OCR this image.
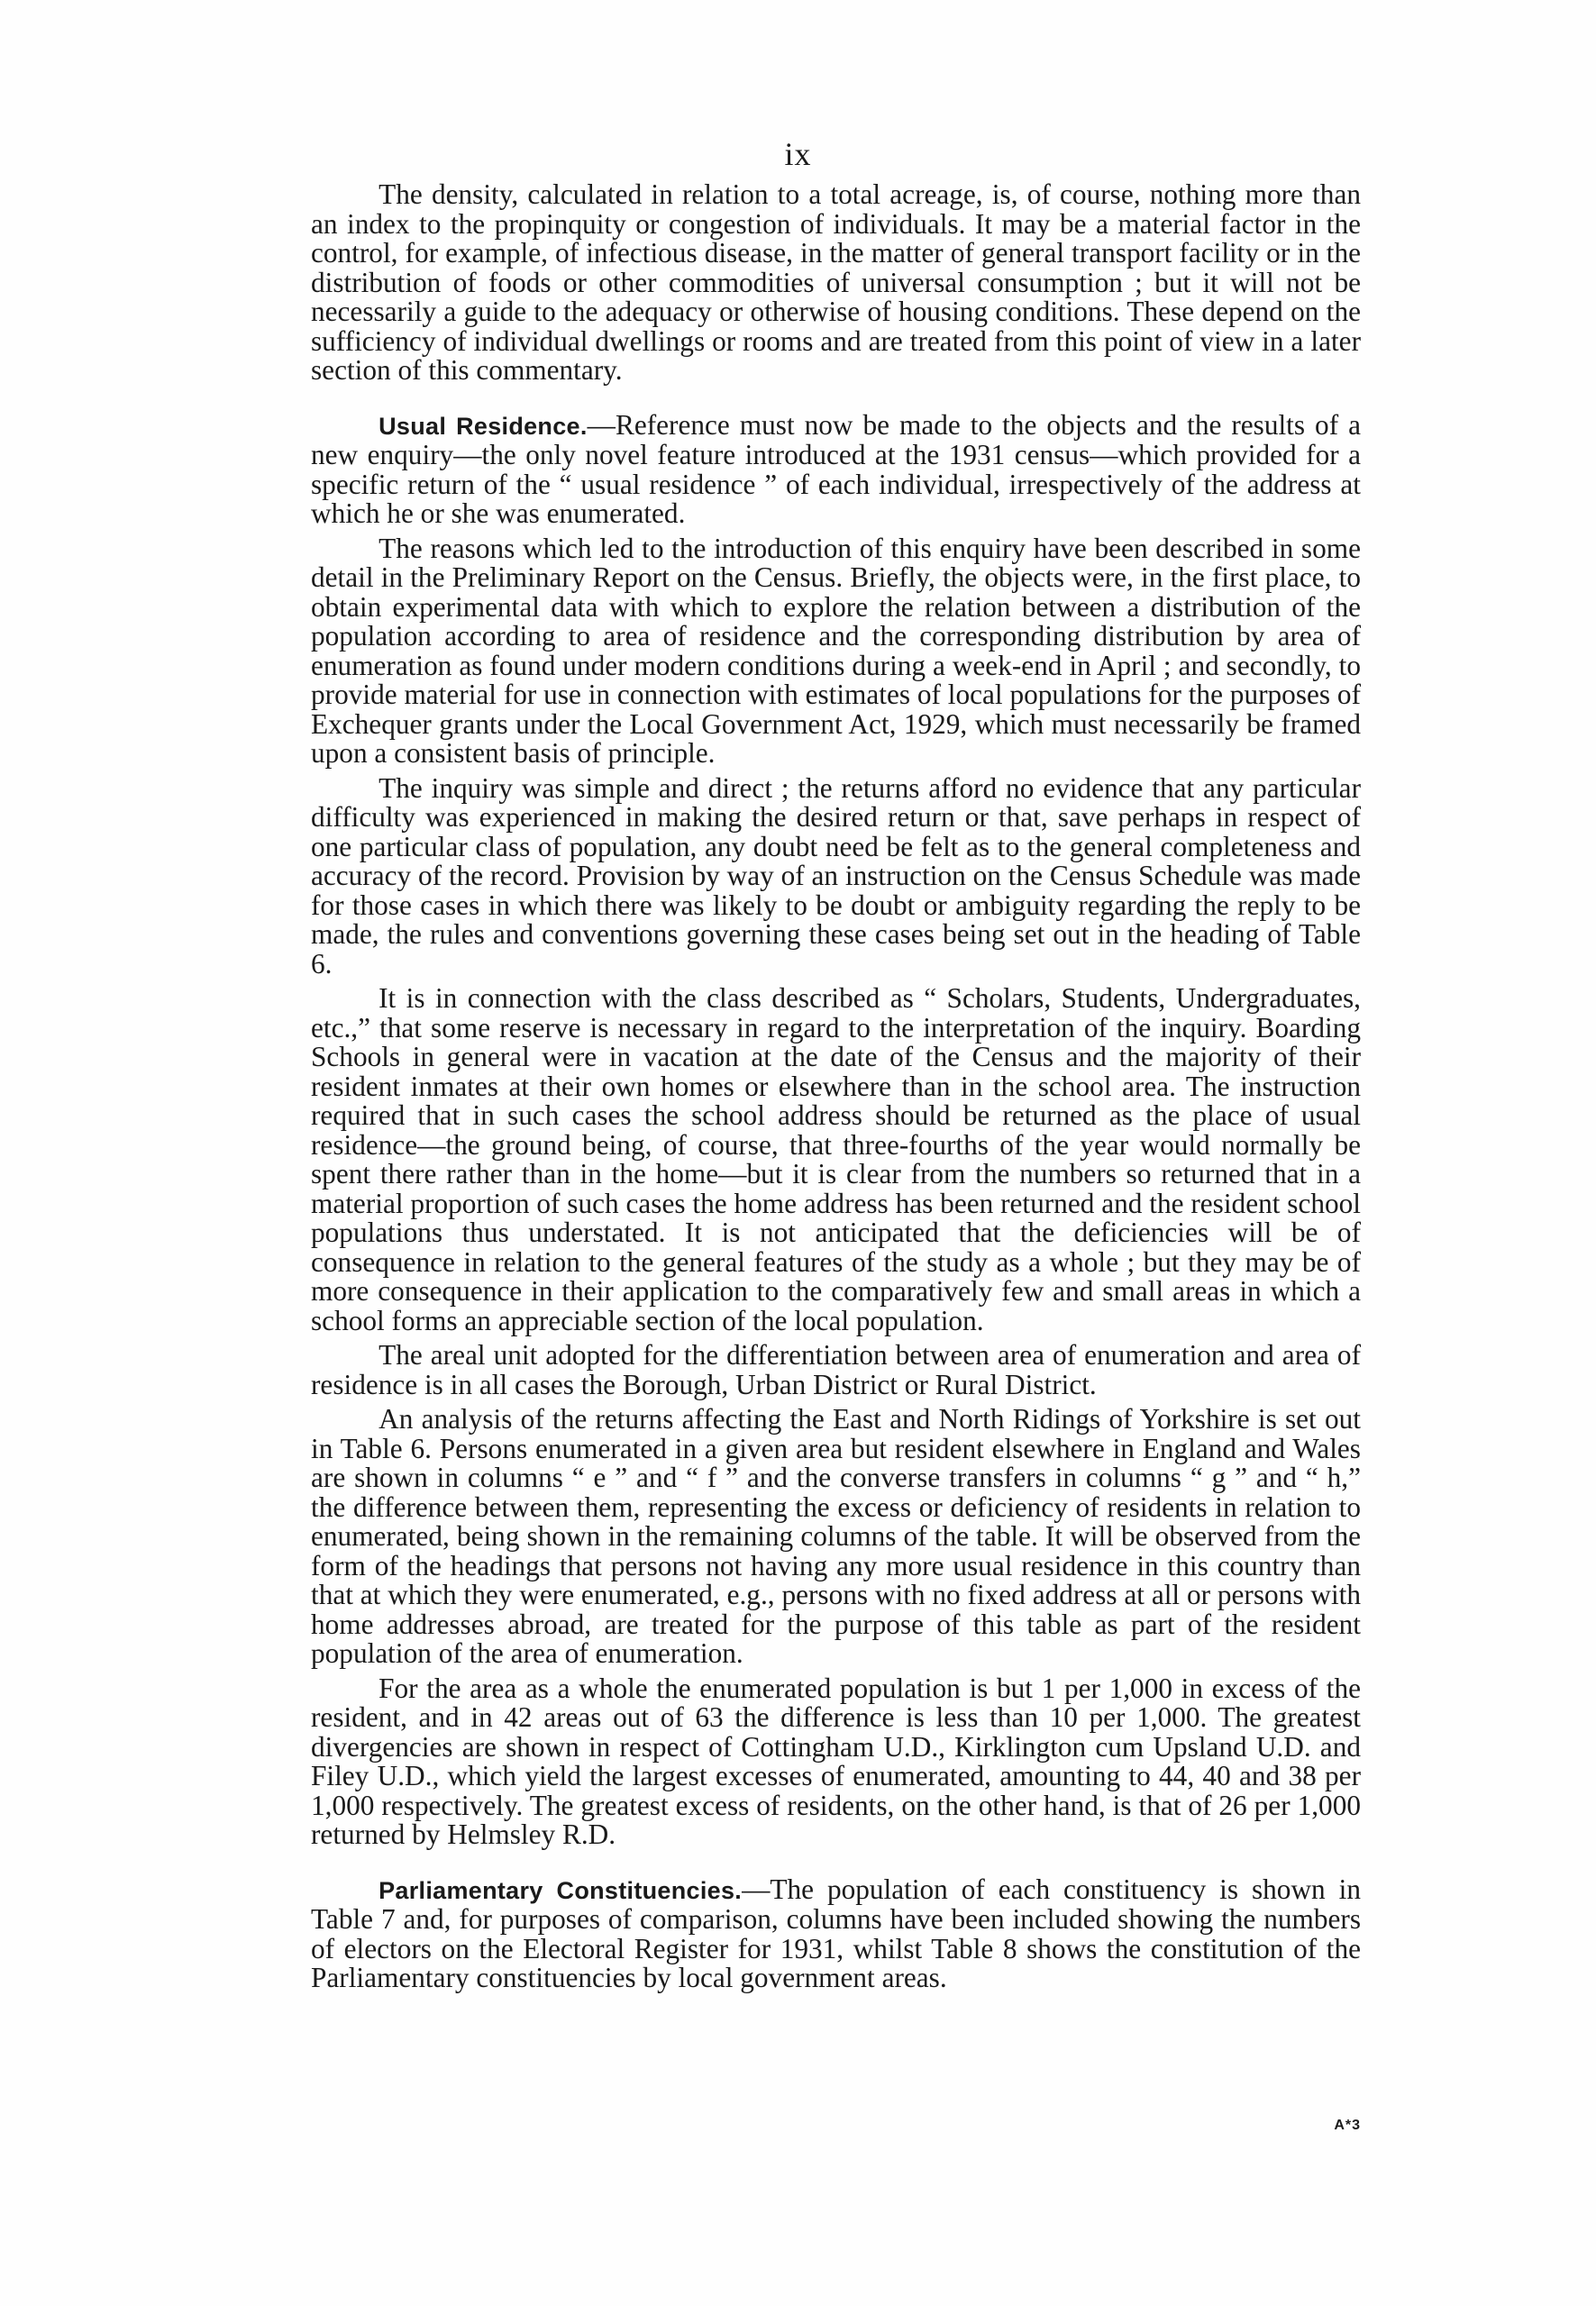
ix

The density, calculated in relation to a total acreage, is, of course, nothing more than an index to the propinquity or congestion of individuals. It may be a material factor in the control, for example, of infectious disease, in the matter of general transport facility or in the distribution of foods or other commodities of universal consumption ; but it will not be necessarily a guide to the adequacy or otherwise of housing conditions. These depend on the sufficiency of individual dwellings or rooms and are treated from this point of view in a later section of this commentary.

Usual Residence.—Reference must now be made to the objects and the results of a new enquiry—the only novel feature introduced at the 1931 census—which provided for a specific return of the “ usual residence ” of each individual, irrespectively of the address at which he or she was enumerated.

The reasons which led to the introduction of this enquiry have been described in some detail in the Preliminary Report on the Census. Briefly, the objects were, in the first place, to obtain experimental data with which to explore the relation between a distribution of the population according to area of residence and the corresponding distribution by area of enumeration as found under modern conditions during a week-end in April ; and secondly, to provide material for use in connection with estimates of local populations for the purposes of Exchequer grants under the Local Government Act, 1929, which must necessarily be framed upon a consistent basis of principle.

The inquiry was simple and direct ; the returns afford no evidence that any particular difficulty was experienced in making the desired return or that, save perhaps in respect of one particular class of population, any doubt need be felt as to the general completeness and accuracy of the record. Provision by way of an instruction on the Census Schedule was made for those cases in which there was likely to be doubt or ambiguity regarding the reply to be made, the rules and conventions governing these cases being set out in the heading of Table 6.

It is in connection with the class described as “ Scholars, Students, Undergraduates, etc.,” that some reserve is necessary in regard to the interpretation of the inquiry. Boarding Schools in general were in vacation at the date of the Census and the majority of their resident inmates at their own homes or elsewhere than in the school area. The instruction required that in such cases the school address should be returned as the place of usual residence—the ground being, of course, that three-fourths of the year would normally be spent there rather than in the home—but it is clear from the numbers so returned that in a material proportion of such cases the home address has been returned and the resident school populations thus understated. It is not anticipated that the deficiencies will be of consequence in relation to the general features of the study as a whole ; but they may be of more consequence in their application to the comparatively few and small areas in which a school forms an appreciable section of the local population.

The areal unit adopted for the differentiation between area of enumeration and area of residence is in all cases the Borough, Urban District or Rural District.

An analysis of the returns affecting the East and North Ridings of Yorkshire is set out in Table 6. Persons enumerated in a given area but resident elsewhere in England and Wales are shown in columns “ e ” and “ f ” and the converse transfers in columns “ g ” and “ h,” the difference between them, representing the excess or deficiency of residents in relation to enumerated, being shown in the remaining columns of the table. It will be observed from the form of the headings that persons not having any more usual residence in this country than that at which they were enumerated, e.g., persons with no fixed address at all or persons with home addresses abroad, are treated for the purpose of this table as part of the resident population of the area of enumeration.

For the area as a whole the enumerated population is but 1 per 1,000 in excess of the resident, and in 42 areas out of 63 the difference is less than 10 per 1,000. The greatest divergencies are shown in respect of Cottingham U.D., Kirklington cum Upsland U.D. and Filey U.D., which yield the largest excesses of enumerated, amounting to 44, 40 and 38 per 1,000 respectively. The greatest excess of residents, on the other hand, is that of 26 per 1,000 returned by Helmsley R.D.

Parliamentary Constituencies.—The population of each constituency is shown in Table 7 and, for purposes of comparison, columns have been included showing the numbers of electors on the Electoral Register for 1931, whilst Table 8 shows the constitution of the Parliamentary constituencies by local government areas.

A*3
